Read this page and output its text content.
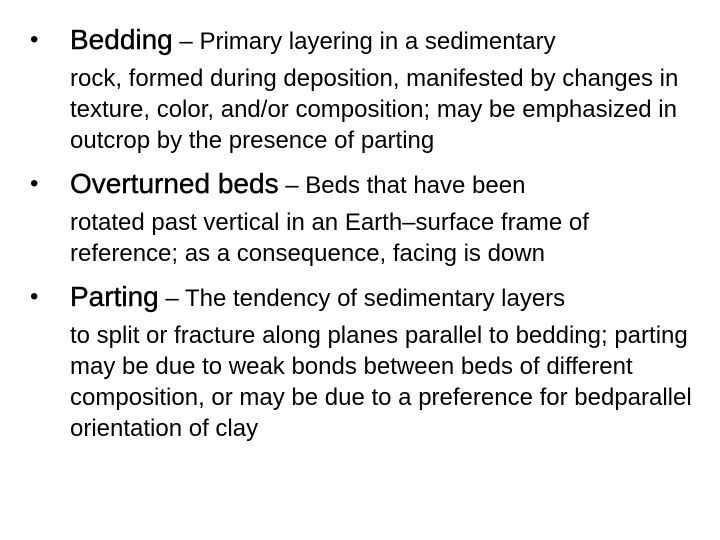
• Bedding – Primary layering in a sedimentary
rock, formed during deposition, manifested by changes in texture, color, and/or composition; may be emphasized in outcrop by the presence of parting
• Overturned beds – Beds that have been
rotated past vertical in an Earth–surface frame of reference; as a consequence, facing is down
• Parting – The tendency of sedimentary layers
to split or fracture along planes parallel to bedding; parting may be due to weak bonds between beds of different composition, or may be due to a preference for bedparallel orientation of clay
